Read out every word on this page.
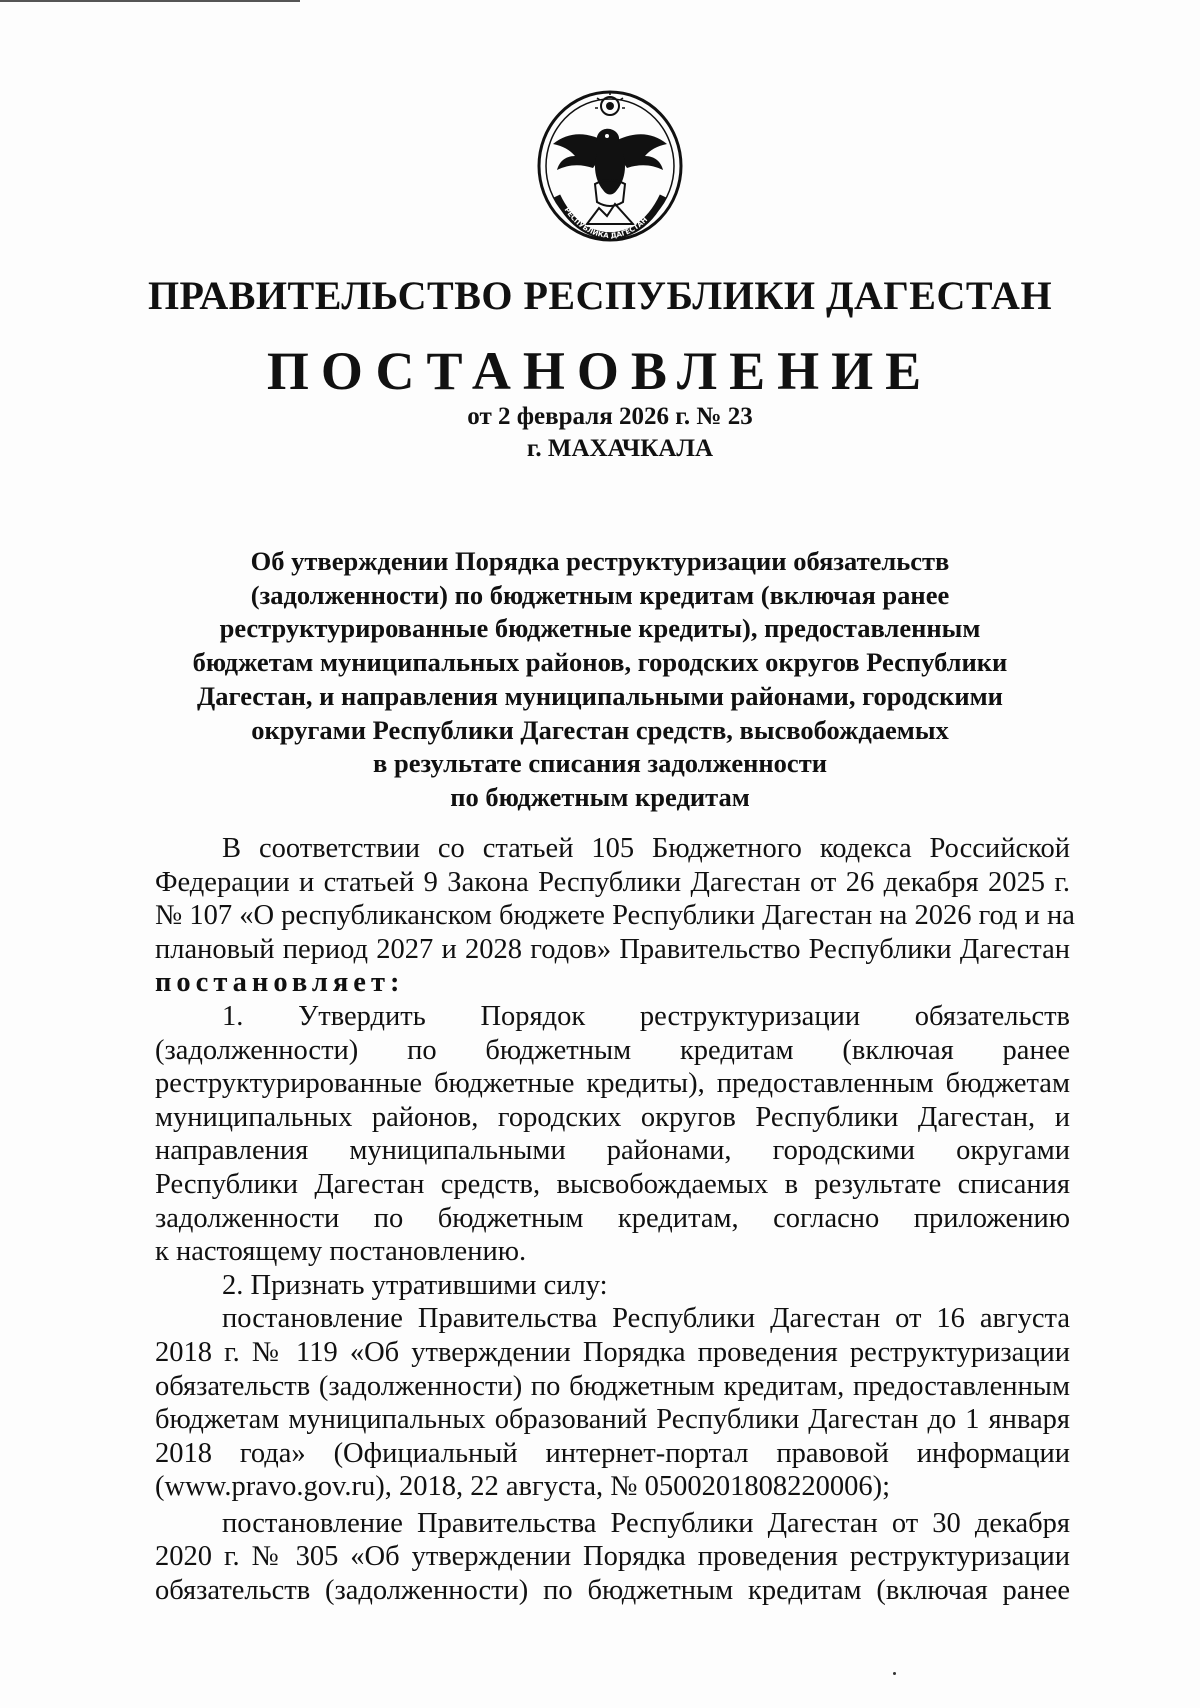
РЕСПУБЛИКА ДАГЕСТАН
ПРАВИТЕЛЬСТВО РЕСПУБЛИКИ ДАГЕСТАН
ПОСТАНОВЛЕНИЕ
от 2 февраля 2026 г. № 23
г. МАХАЧКАЛА
Об утверждении Порядка реструктуризации обязательств
(задолженности) по бюджетным кредитам (включая ранее
реструктурированные бюджетные кредиты), предоставленным
бюджетам муниципальных районов, городских округов Республики
Дагестан, и направления муниципальными районами, городскими
округами Республики Дагестан средств, высвобождаемых
в результате списания задолженности
по бюджетным кредитам
В соответствии со статьей 105 Бюджетного кодекса Российской
Федерации и статьей 9 Закона Республики Дагестан от 26 декабря 2025 г.
№ 107 «О республиканском бюджете Республики Дагестан на 2026 год и на
плановый период 2027 и 2028 годов» Правительство Республики Дагестан
постановляет:
1. Утвердить Порядок реструктуризации обязательств
(задолженности) по бюджетным кредитам (включая ранее
реструктурированные бюджетные кредиты), предоставленным бюджетам
муниципальных районов, городских округов Республики Дагестан, и
направления муниципальными районами, городскими округами
Республики Дагестан средств, высвобождаемых в результате списания
задолженности по бюджетным кредитам, согласно приложению
к настоящему постановлению.
2. Признать утратившими силу:
постановление Правительства Республики Дагестан от 16 августа
2018 г. № 119 «Об утверждении Порядка проведения реструктуризации
обязательств (задолженности) по бюджетным кредитам, предоставленным
бюджетам муниципальных образований Республики Дагестан до 1 января
2018 года» (Официальный интернет-портал правовой информации
(www.pravo.gov.ru), 2018, 22 августа, № 0500201808220006);
постановление Правительства Республики Дагестан от 30 декабря
2020 г. № 305 «Об утверждении Порядка проведения реструктуризации
обязательств (задолженности) по бюджетным кредитам (включая ранее
